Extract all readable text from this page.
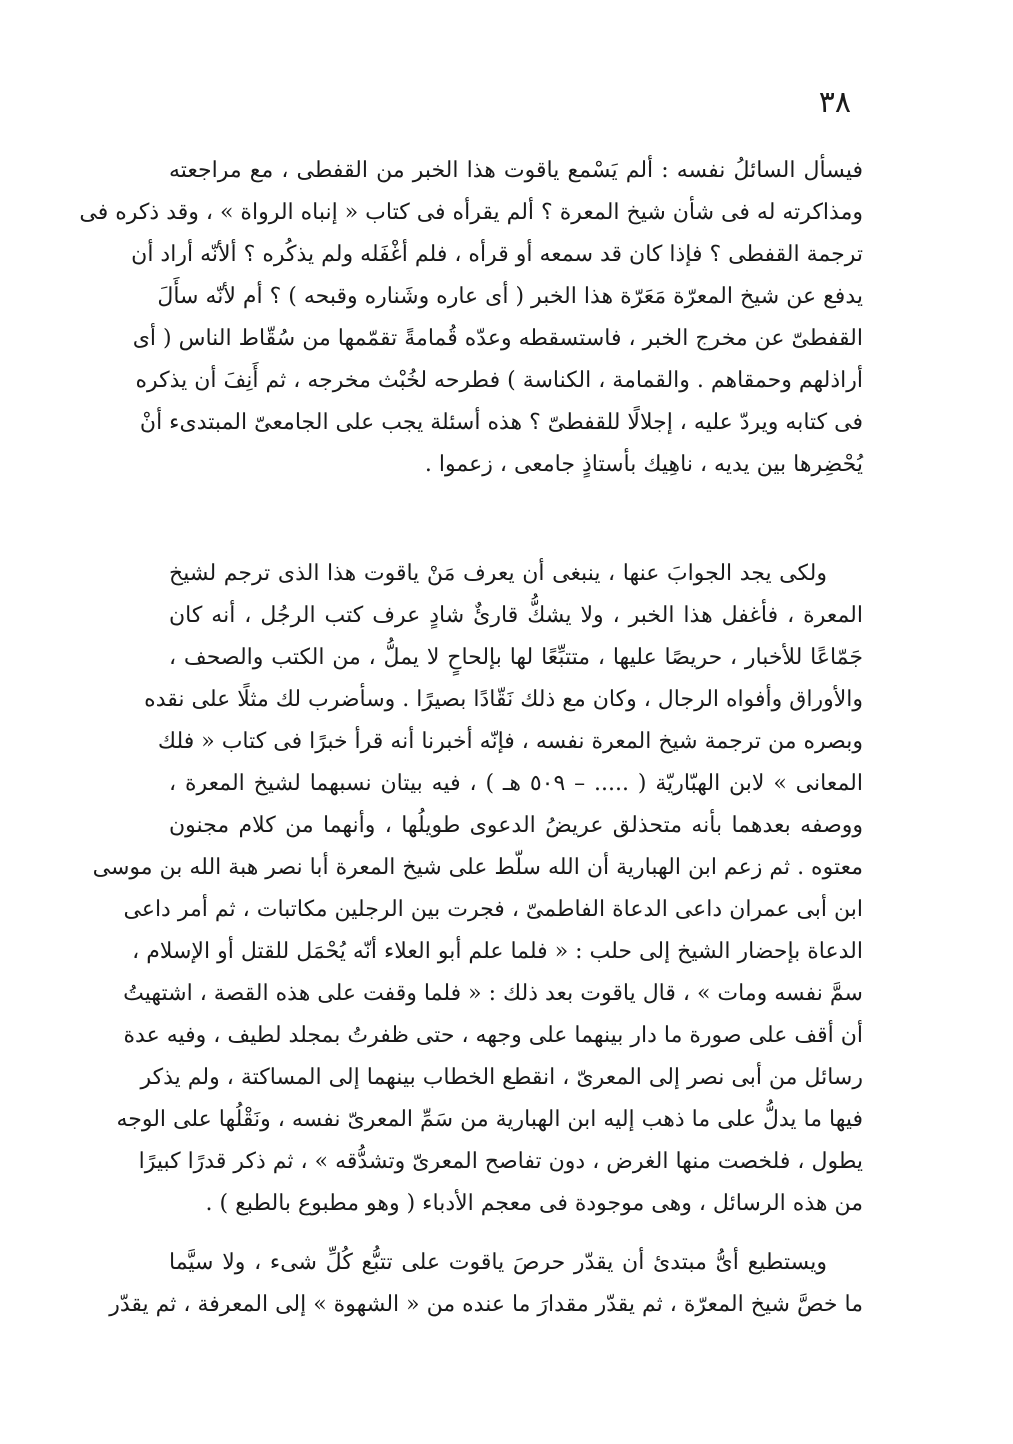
٣٨
فيسأل السائلُ نفسه : ألم يَسْمع ياقوت هذا الخبر من القفطى ، مع مراجعته
ومذاكرته له فى شأن شيخ المعرة ؟ ألم يقرأه فى كتاب « إنباه الرواة » ، وقد ذكره فى
ترجمة القفطى ؟ فإذا كان قد سمعه أو قرأه ، فلم أغْفَله ولم يذكُره ؟ ألأنّه أراد أن
يدفع عن شيخ المعرّة مَعَرّة هذا الخبر ( أى عاره وشَناره وقبحه ) ؟ أم لأنّه سأَلَ
القفطىّ عن مخرج الخبر ، فاستسقطه وعدّه قُمامةً تقمّمها من سُقّاط الناس ( أى
أراذلهم وحمقاهم . والقمامة ، الكناسة ) فطرحه لخُبْث مخرجه ، ثم أَنِفَ أن يذكره
فى كتابه ويردّ عليه ، إجلالًا للقفطىّ ؟ هذه أسئلة يجب على الجامعىّ المبتدىء أنْ
يُحْضِرها بين يديه ، ناهِيك بأستاذٍ جامعى ، زعموا .
ولكى يجد الجوابَ عنها ، ينبغى أن يعرف مَنْ ياقوت هذا الذى ترجم لشيخ
المعرة ، فأغفل هذا الخبر ، ولا يشكُّ قارئٌ شادٍ عرف كتب الرجُل ، أنه كان
جَمّاعًا للأخبار ، حريصًا عليها ، متتبِّعًا لها بإلحاحٍ لا يملُّ ، من الكتب والصحف ،
والأوراق وأفواه الرجال ، وكان مع ذلك نَقّادًا بصيرًا . وسأضرب لك مثلًا على نقده
وبصره من ترجمة شيخ المعرة نفسه ، فإنّه أخبرنا أنه قرأ خبرًا فى كتاب « فلك
المعانى » لابن الهبّاريّة ( ..... – ٥٠٩ هـ ) ، فيه بيتان نسبهما لشيخ المعرة ،
ووصفه بعدهما بأنه متحذلق عريضُ الدعوى طويلُها ، وأنهما من كلام مجنون
معتوه . ثم زعم ابن الهبارية أن الله سلّط على شيخ المعرة أبا نصر هبة الله بن موسى
ابن أبى عمران داعى الدعاة الفاطمىّ ، فجرت بين الرجلين مكاتبات ، ثم أمر داعى
الدعاة بإحضار الشيخ إلى حلب : « فلما علم أبو العلاء أنّه يُحْمَل للقتل أو الإسلام ،
سمَّ نفسه ومات » ، قال ياقوت بعد ذلك : « فلما وقفت على هذه القصة ، اشتهيتُ
أن أقف على صورة ما دار بينهما على وجهه ، حتى ظفرتُ بمجلد لطيف ، وفيه عدة
رسائل من أبى نصر إلى المعرىّ ، انقطع الخطاب بينهما إلى المساكتة ، ولم يذكر
فيها ما يدلُّ على ما ذهب إليه ابن الهبارية من سَمِّ المعرىّ نفسه ، ونَقْلُها على الوجه
يطول ، فلخصت منها الغرض ، دون تفاصح المعرىّ وتشدُّقه » ، ثم ذكر قدرًا كبيرًا
من هذه الرسائل ، وهى موجودة فى معجم الأدباء ( وهو مطبوع بالطبع ) .
ويستطيع أىُّ مبتدئ أن يقدّر حرصَ ياقوت على تتبُّع كُلِّ شىء ، ولا سيَّما
ما خصَّ شيخ المعرّة ، ثم يقدّر مقدارَ ما عنده من « الشهوة » إلى المعرفة ، ثم يقدّر
